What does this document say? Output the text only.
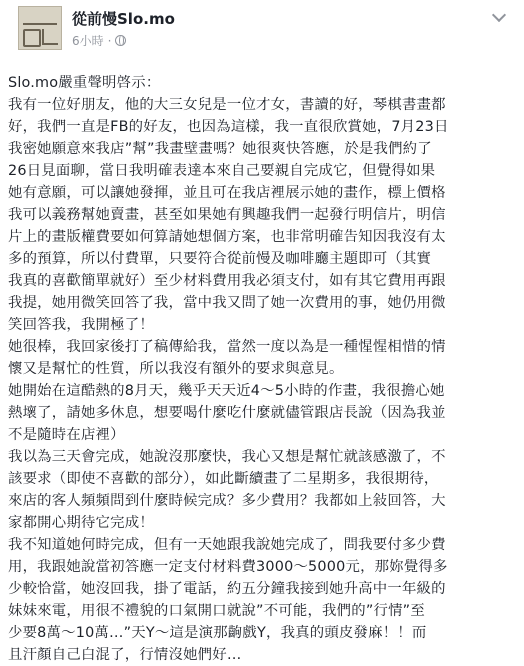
從前慢Slo.mo
6小時 ·
Slo.mo嚴重聲明啓示：
我有一位好朋友，他的大三女兒是一位才女，書讀的好，琴棋書畫都
好，我們一直是FB的好友，也因為這樣，我一直很欣賞她，7月23日
我密她願意來我店”幫”我畫壁畫嗎？她很爽快答應，於是我們約了
26日見面聊，當日我明確表達本來自己要親自完成它，但覺得如果
她有意願，可以讓她發揮，並且可在我店裡展示她的畫作，標上價格
我可以義務幫她賣畫，甚至如果她有興趣我們一起發行明信片，明信
片上的畫版權費要如何算請她想個方案，也非常明確告知因我沒有太
多的預算，所以付費單，只要符合從前慢及咖啡廳主題即可（其實
我真的喜歡簡單就好）至少材料費用我必須支付，如有其它費用再跟
我提，她用微笑回答了我，當中我又問了她一次費用的事，她仍用微
笑回答我，我開極了！
她很棒，我回家後打了稿傳給我，當然一度以為是一種惺惺相惜的情
懷又是幫忙的性質，所以我沒有額外的要求與意見。
她開始在這酷熱的8月天，幾乎天天近4～5小時的作畫，我很擔心她
熱壞了，請她多休息，想要喝什麼吃什麼就儘管跟店長說（因為我並
不是隨時在店裡）
我以為三天會完成，她說沒那麼快，我心又想是幫忙就該感激了，不
該要求（即使不喜歡的部分），如此斷續畫了二星期多，我很期待，
來店的客人頻頻問到什麼時候完成？多少費用？我都如上敍回答，大
家都開心期待它完成！
我不知道她何時完成，但有一天她跟我說她完成了，問我要付多少費
用，我跟她說當初答應一定支付材料費3000～5000元，那妳覺得多
少較恰當，她沒回我，掛了電話，約五分鐘我接到她升高中一年級的
妹妹來電，用很不禮貌的口氣開口就說”不可能，我們的”行情”至
少要8萬～10萬…”天Y～這是演那齣戲Y，我真的頭皮發麻！！而
且汗顏自己白混了，行情沒她們好…
